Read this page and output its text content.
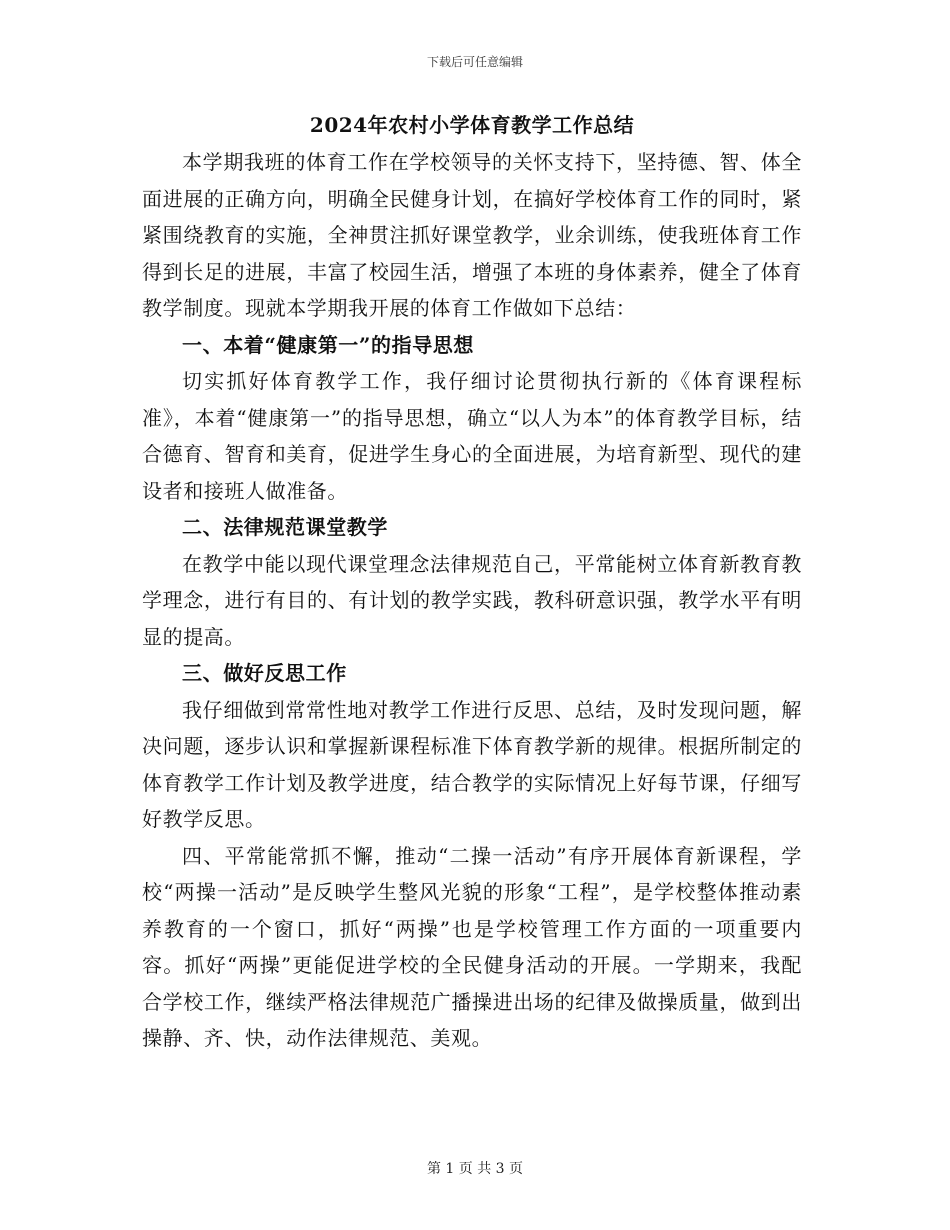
下载后可任意编辑
2024年农村小学体育教学工作总结

本学期我班的体育工作在学校领导的关怀支持下，坚持德、智、体全面进展的正确方向，明确全民健身计划，在搞好学校体育工作的同时，紧紧围绕教育的实施，全神贯注抓好课堂教学，业余训练，使我班体育工作得到长足的进展，丰富了校园生活，增强了本班的身体素养，健全了体育教学制度。现就本学期我开展的体育工作做如下总结：

一、本着“健康第一”的指导思想

切实抓好体育教学工作，我仔细讨论贯彻执行新的《体育课程标准》，本着“健康第一”的指导思想，确立“以人为本”的体育教学目标，结合德育、智育和美育，促进学生身心的全面进展，为培育新型、现代的建设者和接班人做准备。

二、法律规范课堂教学

在教学中能以现代课堂理念法律规范自己，平常能树立体育新教育教学理念，进行有目的、有计划的教学实践，教科研意识强，教学水平有明显的提高。

三、做好反思工作

我仔细做到常常性地对教学工作进行反思、总结，及时发现问题，解决问题，逐步认识和掌握新课程标准下体育教学新的规律。根据所制定的体育教学工作计划及教学进度，结合教学的实际情况上好每节课，仔细写好教学反思。

四、平常能常抓不懈，推动“二操一活动”有序开展体育新课程，学校“两操一活动”是反映学生整风光貌的形象“工程”，是学校整体推动素养教育的一个窗口，抓好“两操”也是学校管理工作方面的一项重要内容。抓好“两操”更能促进学校的全民健身活动的开展。一学期来，我配合学校工作，继续严格法律规范广播操进出场的纪律及做操质量，做到出操静、齐、快，动作法律规范、美观。

第 1 页 共 3 页
